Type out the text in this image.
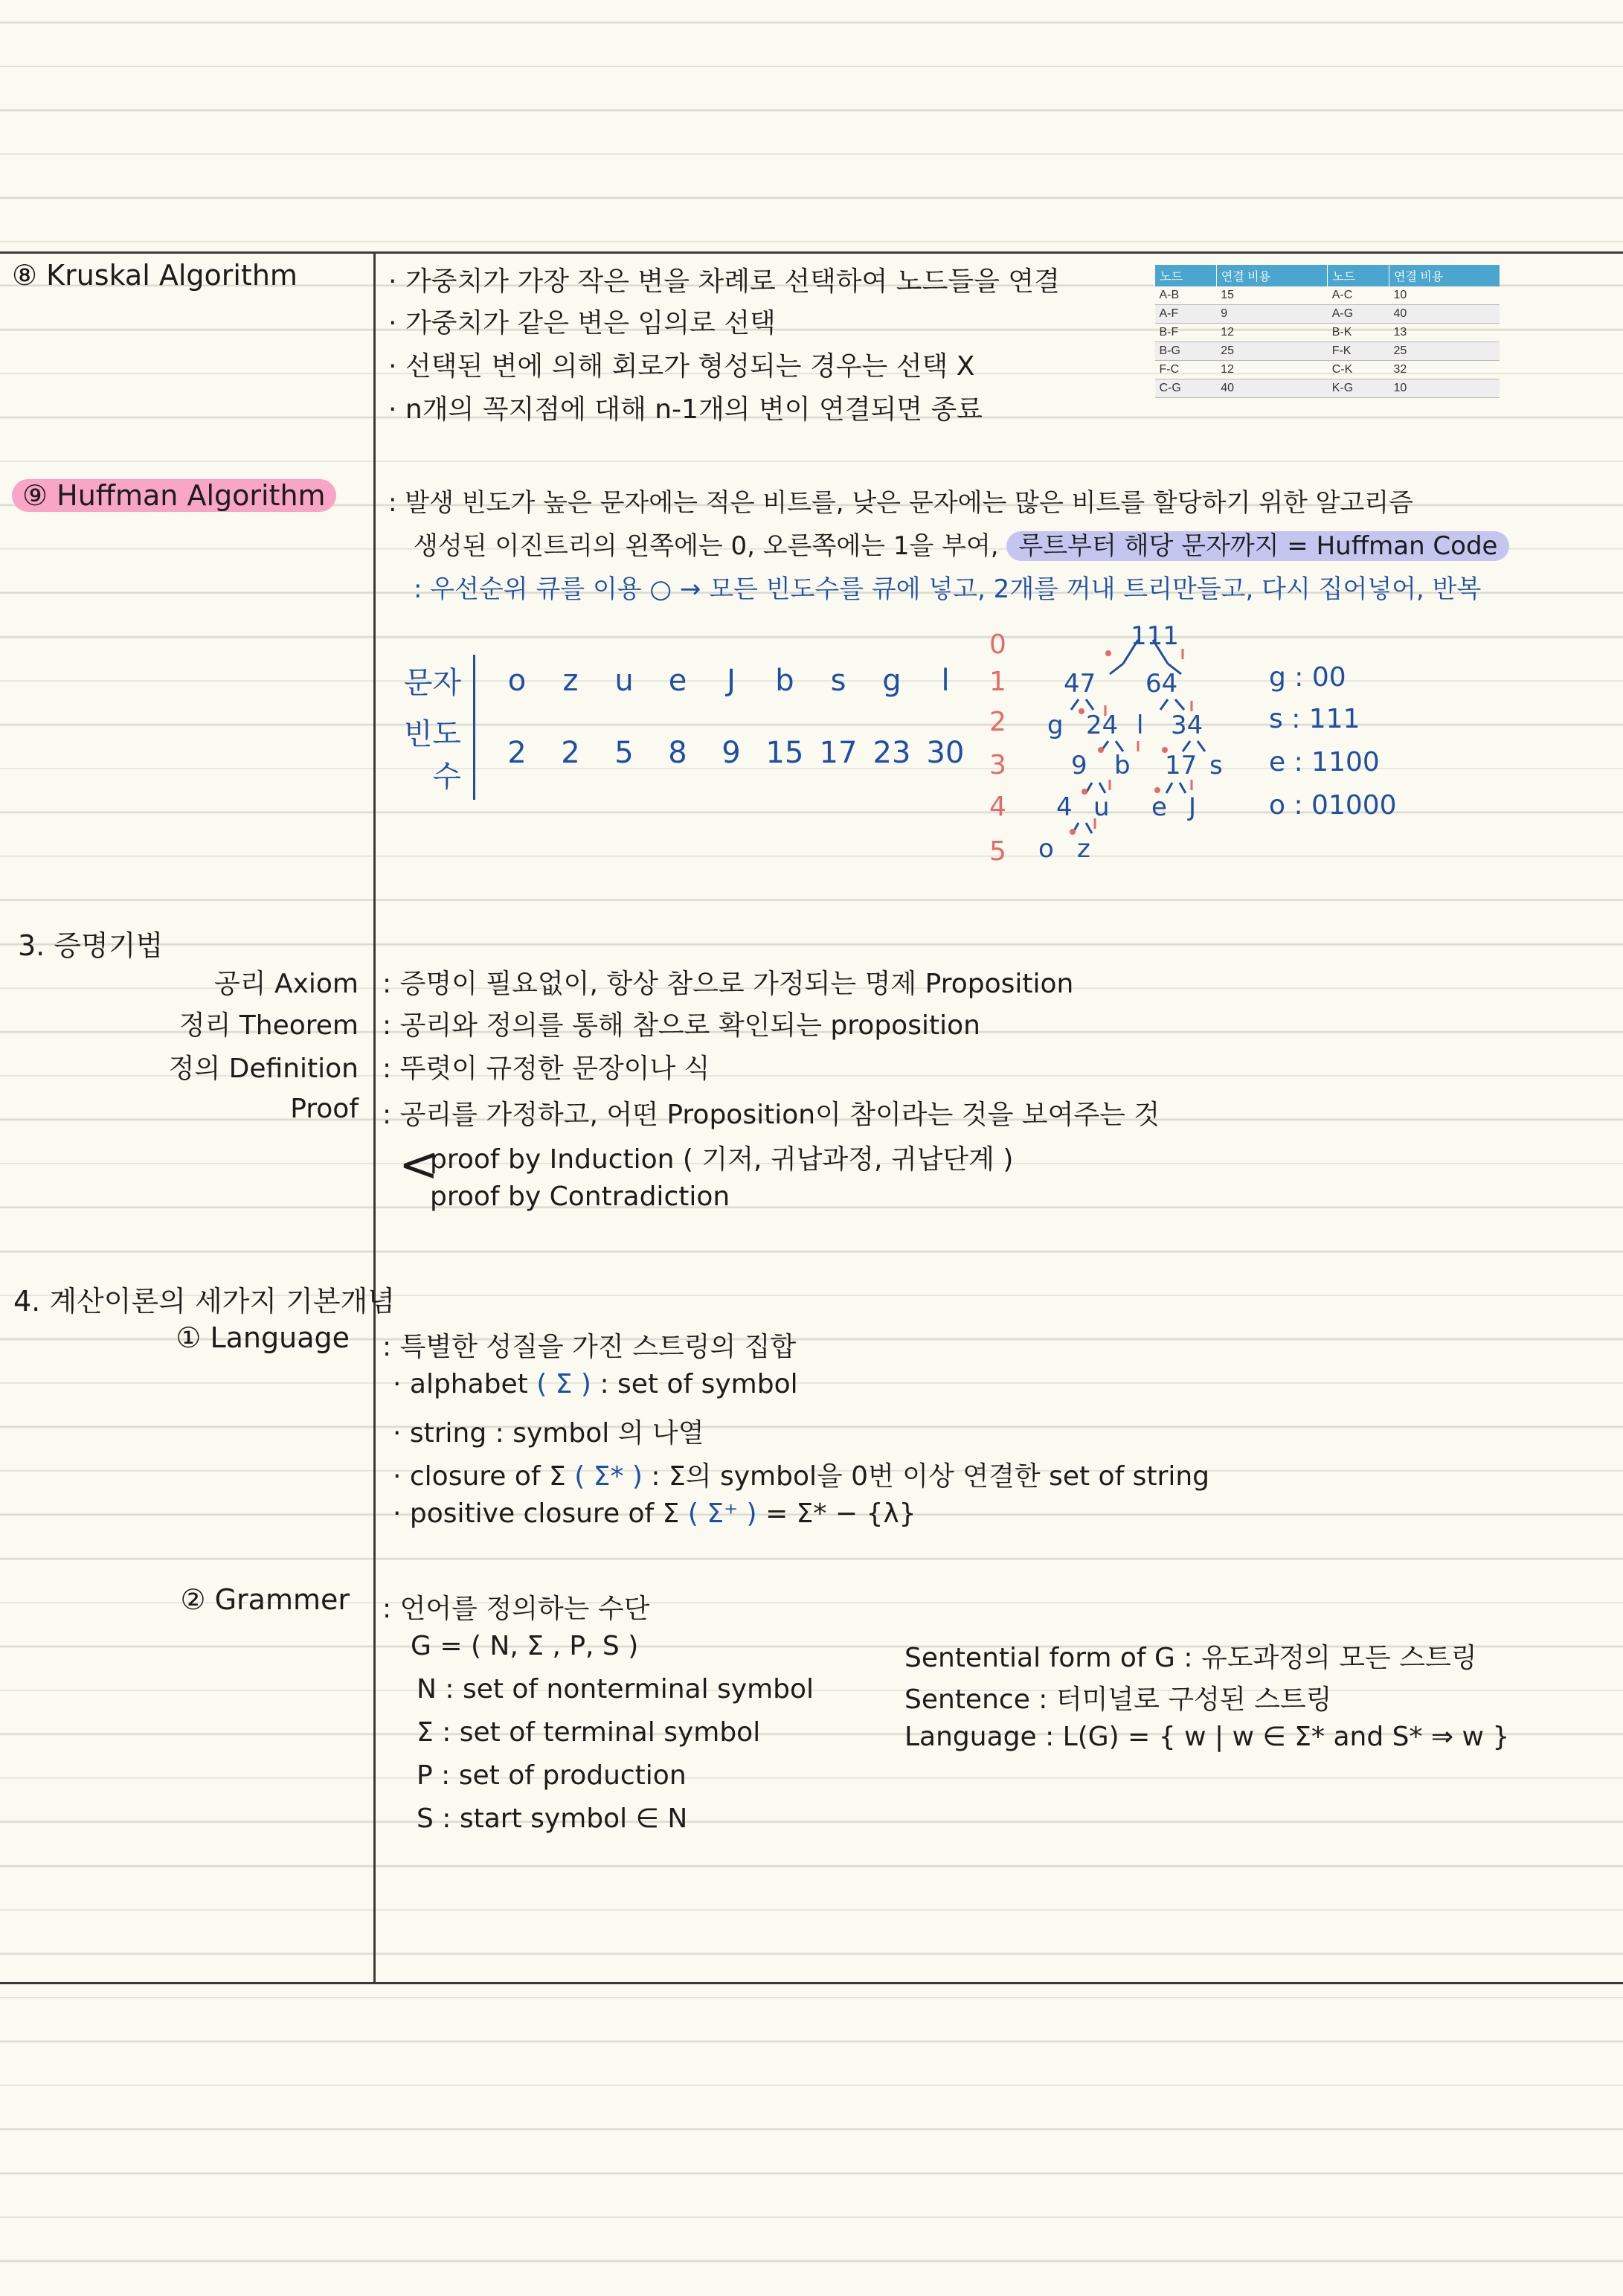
⑧ Kruskal Algorithm	· 가중치가 가장 작은 변을 차례로 선택하여 노드들을 연결
· 가중치가 같은 변은 임의로 선택
· 선택된 변에 의해 회로가 형성되는 경우는 선택 X
· n개의 꼭지점에 대해 n-1개의 변이 연결되면 종료
노드	연결 비용	노드	연결 비용
A-B	15	A-C	10
A-F	9	A-G	40
B-F	12	B-K	13
B-G	25	F-K	25
F-C	12	C-K	32
C-G	40	K-G	10
⑨ Huffman Algorithm	: 발생 빈도가 높은 문자에는 적은 비트를, 낮은 문자에는 많은 비트를 할당하기 위한 알고리즘
생성된 이진트리의 왼쪽에는 0, 오른쪽에는 1을 부여, 루트부터 해당 문자까지 = Huffman Code
: 우선순위 큐를 이용 ○ → 모든 빈도수를 큐에 넣고, 2개를 꺼내 트리만들고, 다시 집어넣어, 반복
문자		o	z	u	e	J	b	s	g	l
빈도수		2	2	5	8	9	15	17	23	30
0
1
2
3
4
5
111
47 64
g 24 l 34
9 b 17 s
4 u e J
o z
g : 00
s : 111
e : 1100
o : 01000
3. 증명기법
공리 Axiom : 증명이 필요없이, 항상 참으로 가정되는 명제 Proposition
정리 Theorem : 공리와 정의를 통해 참으로 확인되는 proposition
정의 Definition : 뚜렷이 규정한 문장이나 식
Proof : 공리를 가정하고, 어떤 Proposition이 참이라는 것을 보여주는 것
<
proof by Induction ( 기저, 귀납과정, 귀납단계 )
proof by Contradiction
4. 계산이론의 세가지 기본개념
① Language : 특별한 성질을 가진 스트링의 집합
· alphabet ( Σ ) : set of symbol
· string : symbol 의 나열
· closure of Σ ( Σ* ) : Σ의 symbol을 0번 이상 연결한 set of string
· positive closure of Σ ( Σ⁺ ) = Σ* − {λ}
② Grammer : 언어를 정의하는 수단
G = ( N, Σ , P, S )
N : set of nonterminal symbol
Σ : set of terminal symbol
P : set of production
S : start symbol ∈ N
Sentential form of G : 유도과정의 모든 스트링
Sentence : 터미널로 구성된 스트링
Language : L(G) = { w | w ∈ Σ* and S* ⇒ w }
